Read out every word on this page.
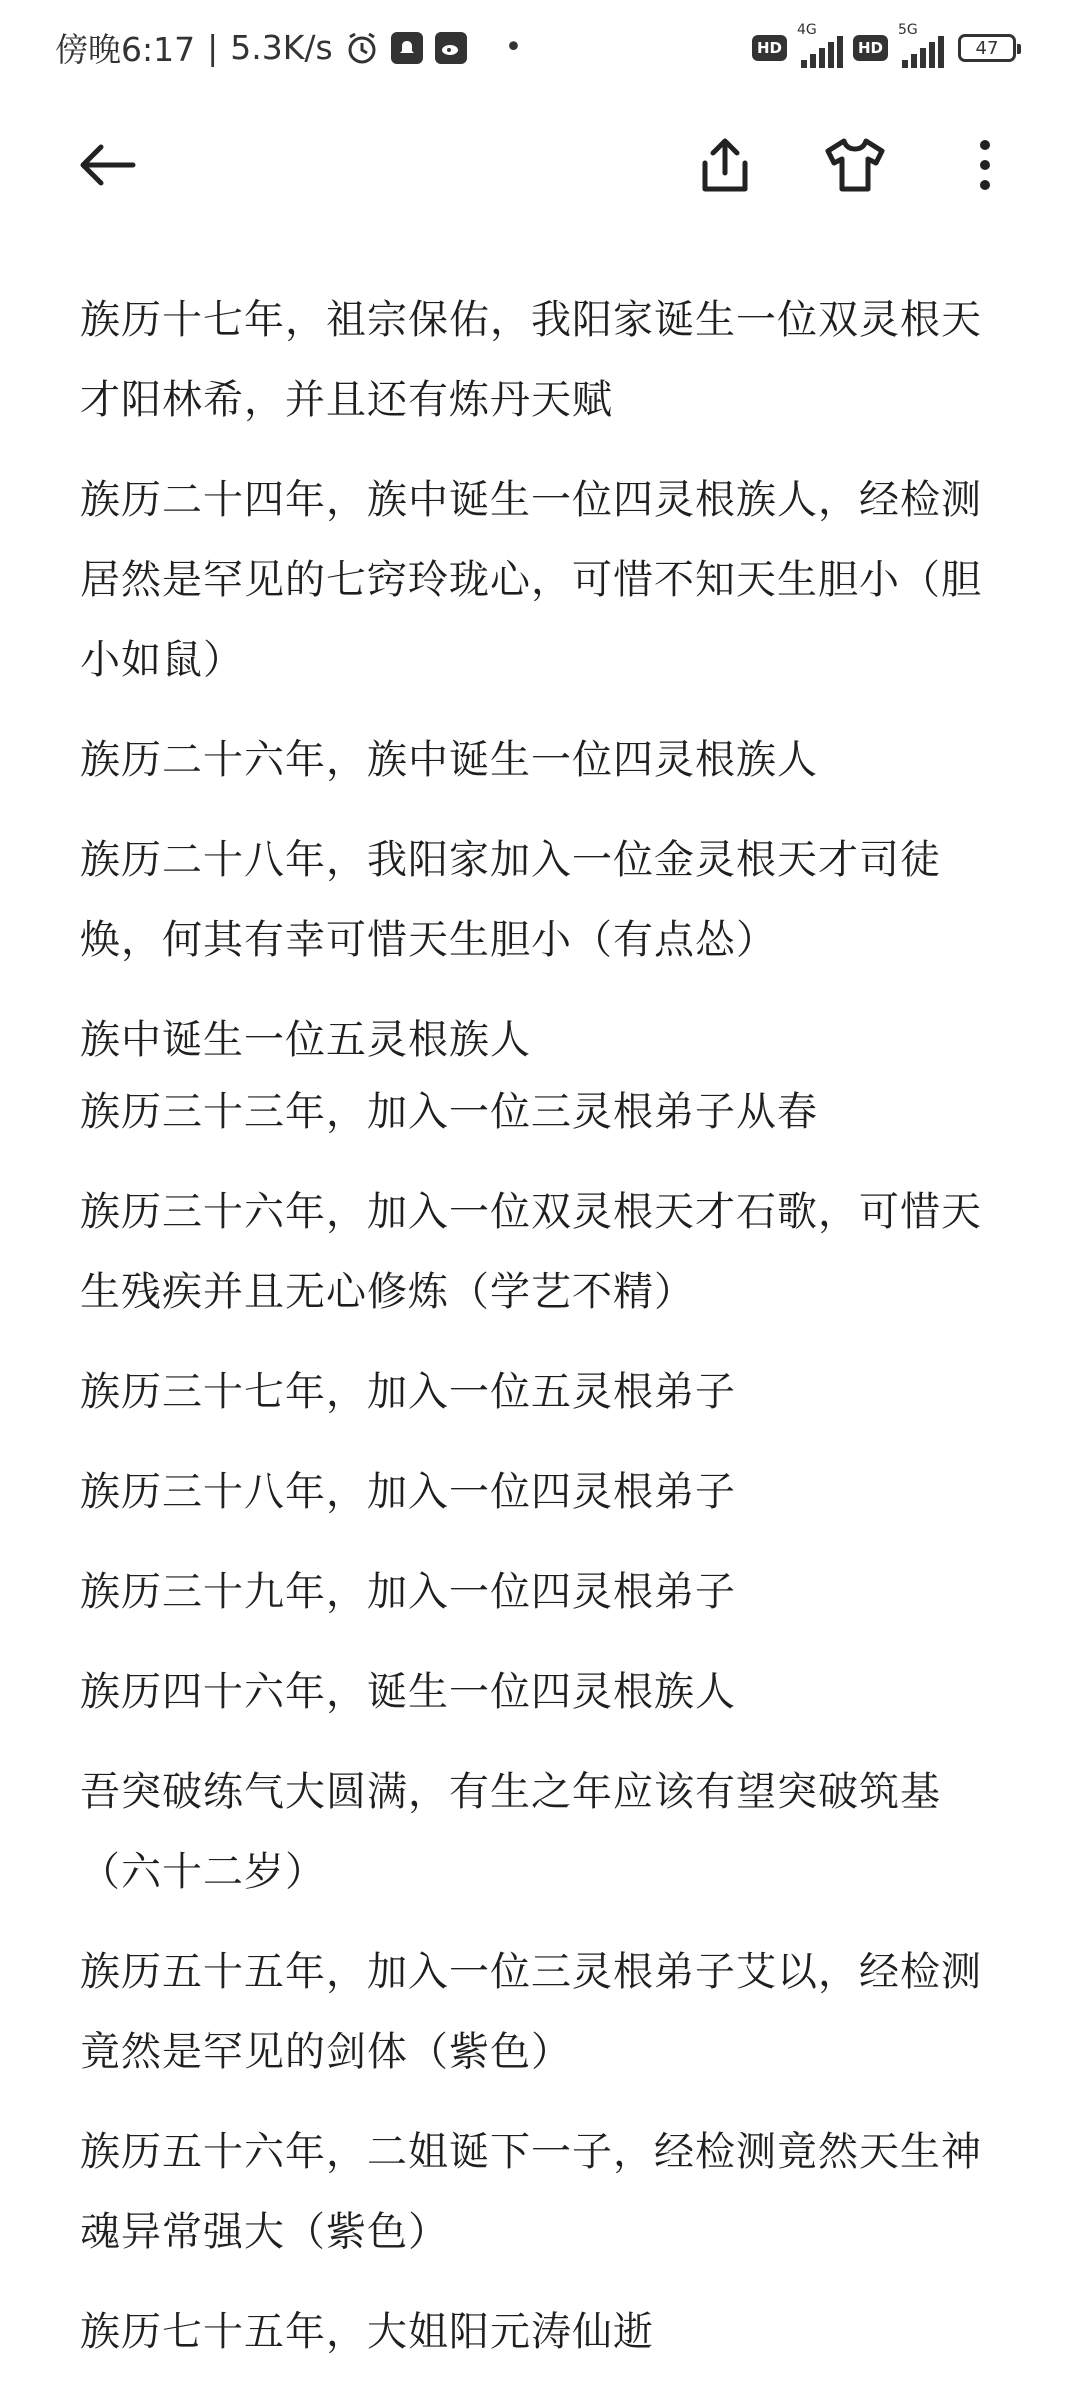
傍晚6:17 | 5.3K/s	•	HD
4G
HD
5G
47

族历十七年，祖宗保佑，我阳家诞生一位双灵根天才阳林希，并且还有炼丹天赋

族历二十四年，族中诞生一位四灵根族人，经检测居然是罕见的七窍玲珑心，可惜不知天生胆小（胆小如鼠）

族历二十六年，族中诞生一位四灵根族人

族历二十八年，我阳家加入一位金灵根天才司徒焕，何其有幸可惜天生胆小（有点怂）

族中诞生一位五灵根族人

族历三十三年，加入一位三灵根弟子从春

族历三十六年，加入一位双灵根天才石歌，可惜天生残疾并且无心修炼（学艺不精）

族历三十七年，加入一位五灵根弟子

族历三十八年，加入一位四灵根弟子

族历三十九年，加入一位四灵根弟子

族历四十六年，诞生一位四灵根族人

吾突破练气大圆满，有生之年应该有望突破筑基（六十二岁）

族历五十五年，加入一位三灵根弟子艾以，经检测竟然是罕见的剑体（紫色）

族历五十六年，二姐诞下一子，经检测竟然天生神魂异常强大（紫色）

族历七十五年，大姐阳元涛仙逝
